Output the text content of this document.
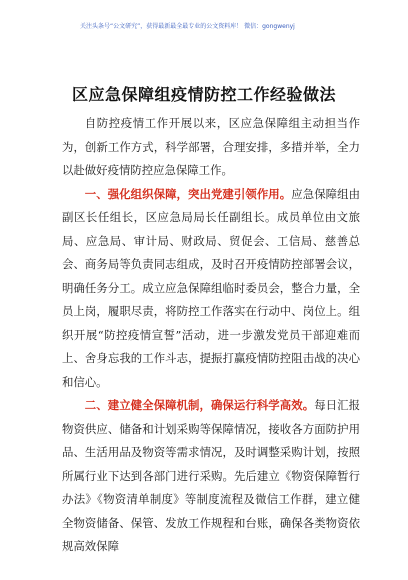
关注头条号“公文研究”，获得最新最全最专业的公文资料库！ 微信：gongwenyj
区应急保障组疫情防控工作经验做法

自防控疫情工作开展以来，区应急保障组主动担当作为，创新工作方式，科学部署，合理安排，多措并举，全力以赴做好疫情防控应急保障工作。

一、强化组织保障，突出党建引领作用。应急保障组由副区长任组长，区应急局局长任副组长。成员单位由文旅局、应急局、审计局、财政局、贸促会、工信局、慈善总会、商务局等负责同志组成，及时召开疫情防控部署会议，明确任务分工。成立应急保障组临时委员会，整合力量，全员上岗，履职尽责，将防控工作落实在行动中、岗位上。组织开展“防控疫情宣誓”活动，进一步激发党员干部迎难而上、舍身忘我的工作斗志，提振打赢疫情防控阻击战的决心和信心。

二、建立健全保障机制，确保运行科学高效。每日汇报物资供应、储备和计划采购等保障情况，接收各方面防护用品、生活用品及物资等需求情况，及时调整采购计划，按照所属行业下达到各部门进行采购。先后建立《物资保障暂行办法》《物资清单制度》等制度流程及微信工作群，建立健全物资储备、保管、发放工作规程和台账，确保各类物资依规高效保障
